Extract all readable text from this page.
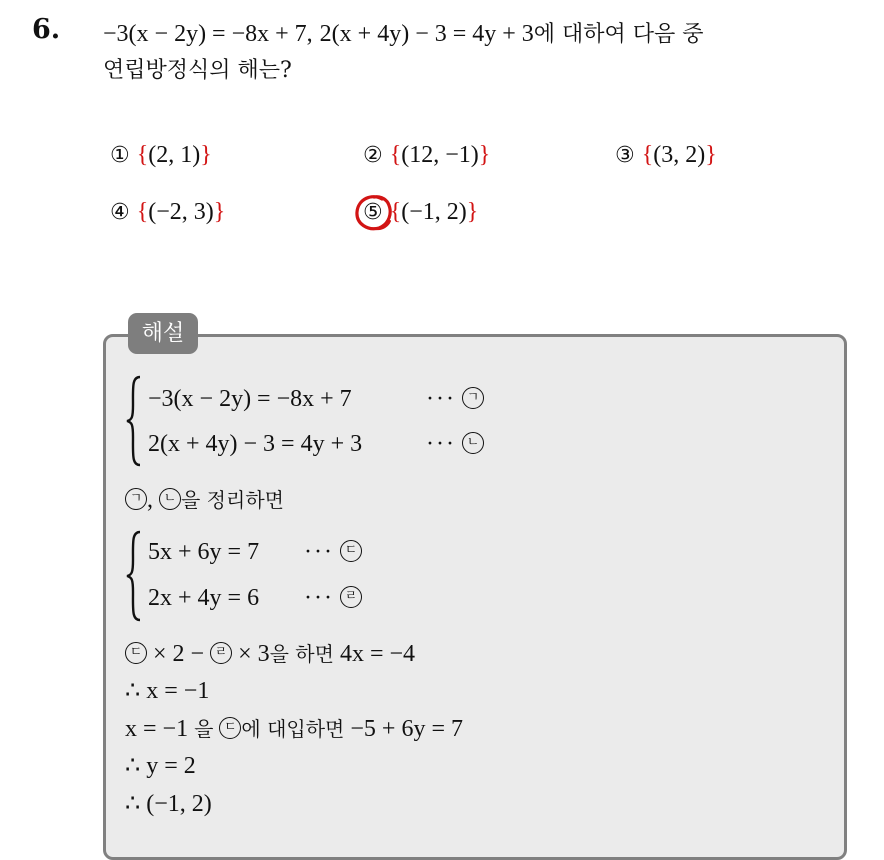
6. −3(x − 2y) = −8x + 7, 2(x + 4y) − 3 = 4y + 3에 대하여 다음 중
연립방정식의 해는?
① {(2, 1)}	② {(12, −1)}	③ {(3, 2)}
④ {(−2, 3)}	⑤ {(−1, 2)}
해설
−3(x − 2y) = −8x + 7	··· ㄱ
2(x + 4y) − 3 = 4y + 3	··· ㄴ
ㄱ , ㄴ 을 정리하면
5x + 6y = 7 ··· ㄷ
2x + 4y = 6 ··· ㄹ
ㄷ × 2 − ㄹ × 3을 하면 4x = −4
∴ x = −1
x = −1 을 ㄷ 에 대입하면 −5 + 6y = 7
∴ y = 2
∴ (−1, 2)
